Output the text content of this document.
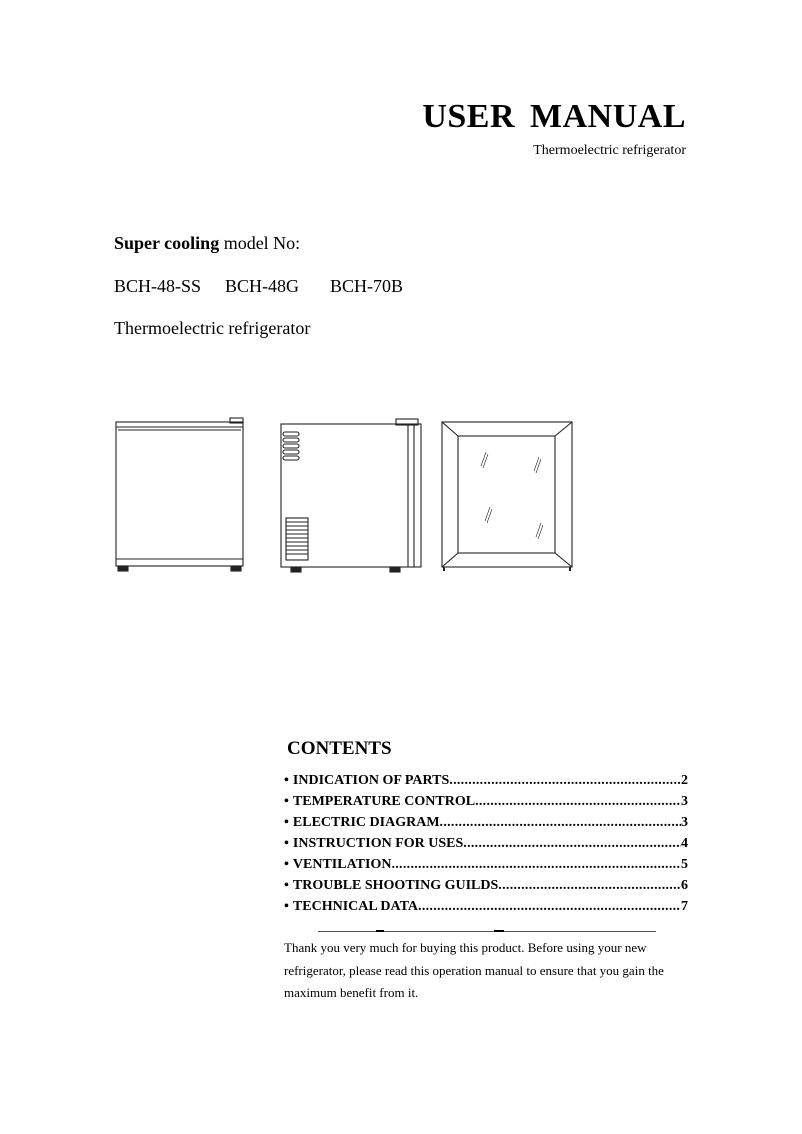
USER MANUAL
Thermoelectric refrigerator
Super cooling model No:
BCH-48-SS BCH-48G BCH-70B
Thermoelectric refrigerator
CONTENTS
• INDICATION OF PARTS .....	2
• TEMPERATURE CONTROL .....	3
• ELECTRIC DIAGRAM .....	3
• INSTRUCTION FOR USES .....	4
• VENTILATION .....	5
• TROUBLE SHOOTING GUILDS .....	6
• TECHNICAL DATA .....	7
Thank you very much for buying this product. Before using your new refrigerator, please read this operation manual to ensure that you gain the maximum benefit from it.
